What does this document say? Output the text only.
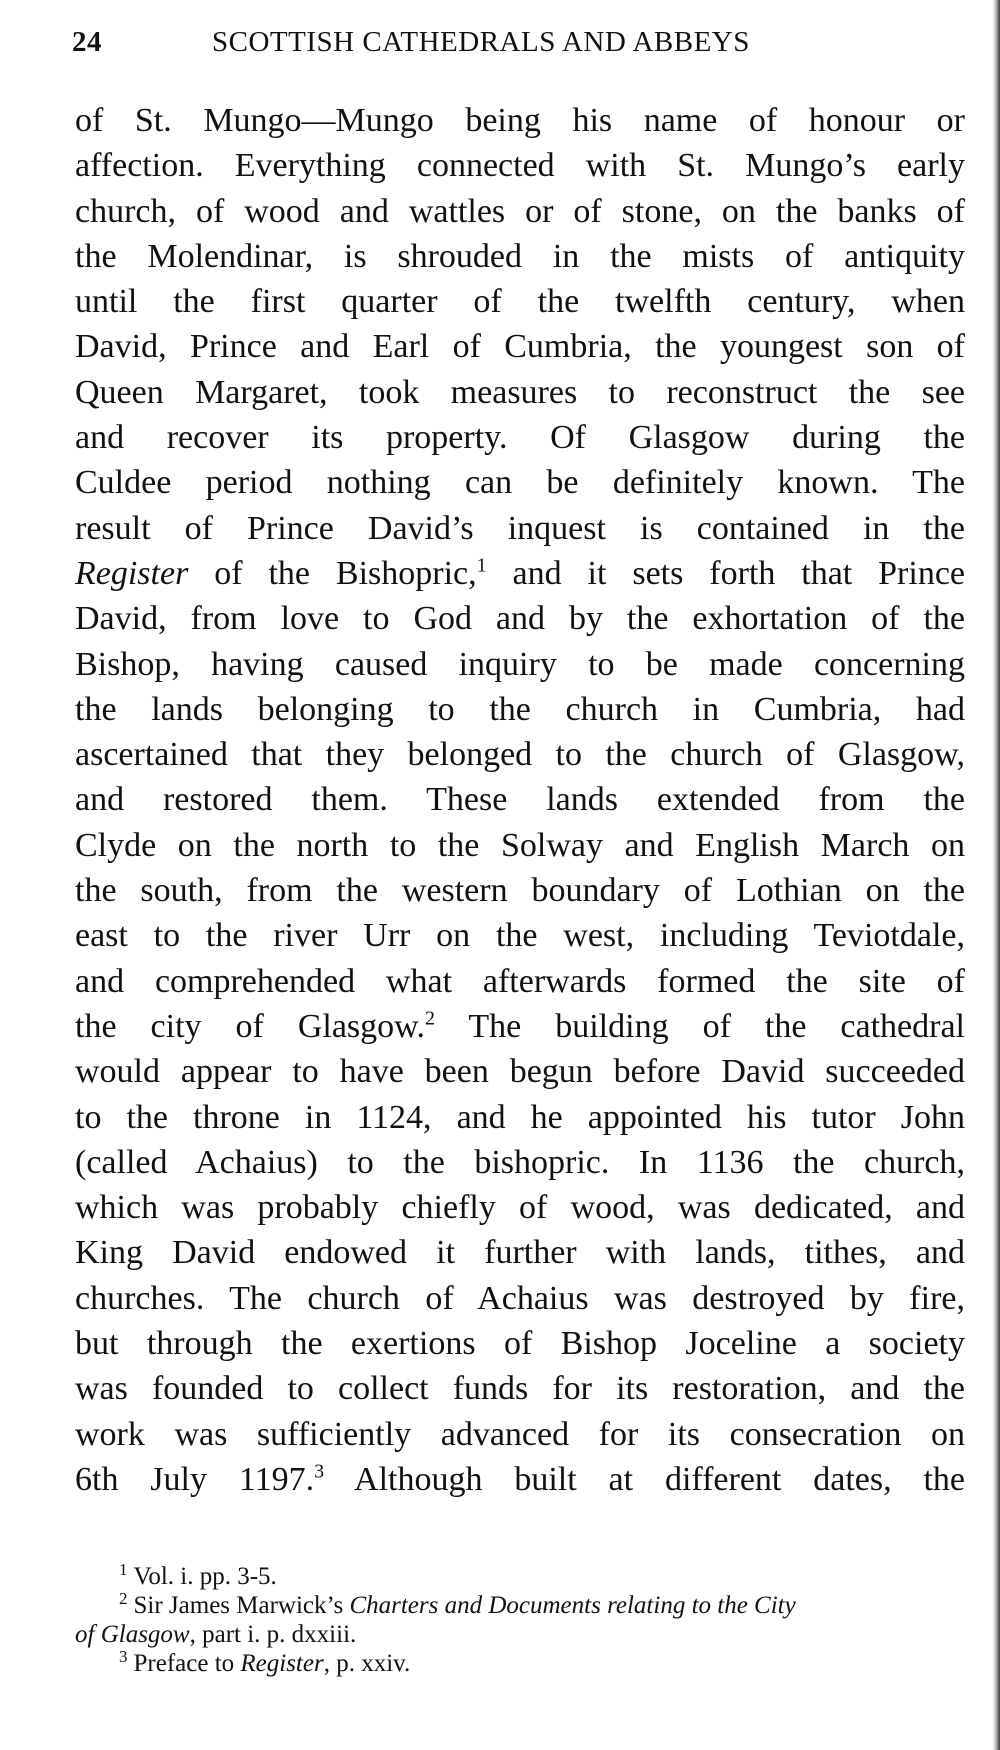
24	SCOTTISH CATHEDRALS AND ABBEYS
of St. Mungo—Mungo being his name of honour or
affection. Everything connected with St. Mungo’s early
church, of wood and wattles or of stone, on the banks of
the Molendinar, is shrouded in the mists of antiquity
until the first quarter of the twelfth century, when
David, Prince and Earl of Cumbria, the youngest son of
Queen Margaret, took measures to reconstruct the see
and recover its property. Of Glasgow during the
Culdee period nothing can be definitely known. The
result of Prince David’s inquest is contained in the
Register of the Bishopric,$^1$ and it sets forth that Prince
David, from love to God and by the exhortation of the
Bishop, having caused inquiry to be made concerning
the lands belonging to the church in Cumbria, had
ascertained that they belonged to the church of Glasgow,
and restored them. These lands extended from the
Clyde on the north to the Solway and English March on
the south, from the western boundary of Lothian on the
east to the river Urr on the west, including Teviotdale,
and comprehended what afterwards formed the site of
the city of Glasgow.$^2$ The building of the cathedral
would appear to have been begun before David succeeded
to the throne in 1124, and he appointed his tutor John
(called Achaius) to the bishopric. In 1136 the church,
which was probably chiefly of wood, was dedicated, and
King David endowed it further with lands, tithes, and
churches. The church of Achaius was destroyed by fire,
but through the exertions of Bishop Joceline a society
was founded to collect funds for its restoration, and the
work was sufficiently advanced for its consecration on
6th July 1197.$^3$ Although built at different dates, the
$^1$ Vol. i. pp. 3-5.
$^2$ Sir James Marwick’s Charters and Documents relating to the City
of Glasgow, part i. p. dxxiii.
$^3$ Preface to Register, p. xxiv.
